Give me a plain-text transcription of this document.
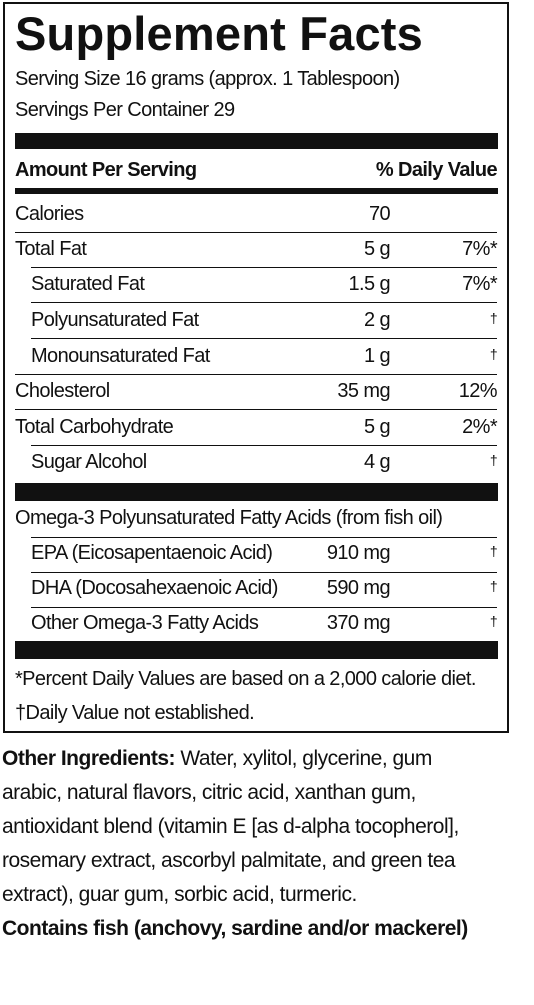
Supplement Facts
Serving Size 16 grams (approx. 1 Tablespoon)
Servings Per Container 29
Amount Per Serving	% Daily Value
Calories	70
Total Fat	5 g	7%*
Saturated Fat	1.5 g	7%*
Polyunsaturated Fat	2 g	†
Monounsaturated Fat	1 g	†
Cholesterol	35 mg	12%
Total Carbohydrate	5 g	2%*
Sugar Alcohol	4 g	†
Omega-3 Polyunsaturated Fatty Acids (from fish oil)
EPA (Eicosapentaenoic Acid)	910 mg	†
DHA (Docosahexaenoic Acid) 590 mg	†
Other Omega-3 Fatty Acids	370 mg	†
*Percent Daily Values are based on a 2,000 calorie diet.
†Daily Value not established.
Other Ingredients: Water, xylitol, glycerine, gum
arabic, natural flavors, citric acid, xanthan gum,
antioxidant blend (vitamin E [as d-alpha tocopherol],
rosemary extract, ascorbyl palmitate, and green tea
extract), guar gum, sorbic acid, turmeric.
Contains fish (anchovy, sardine and/or mackerel)
